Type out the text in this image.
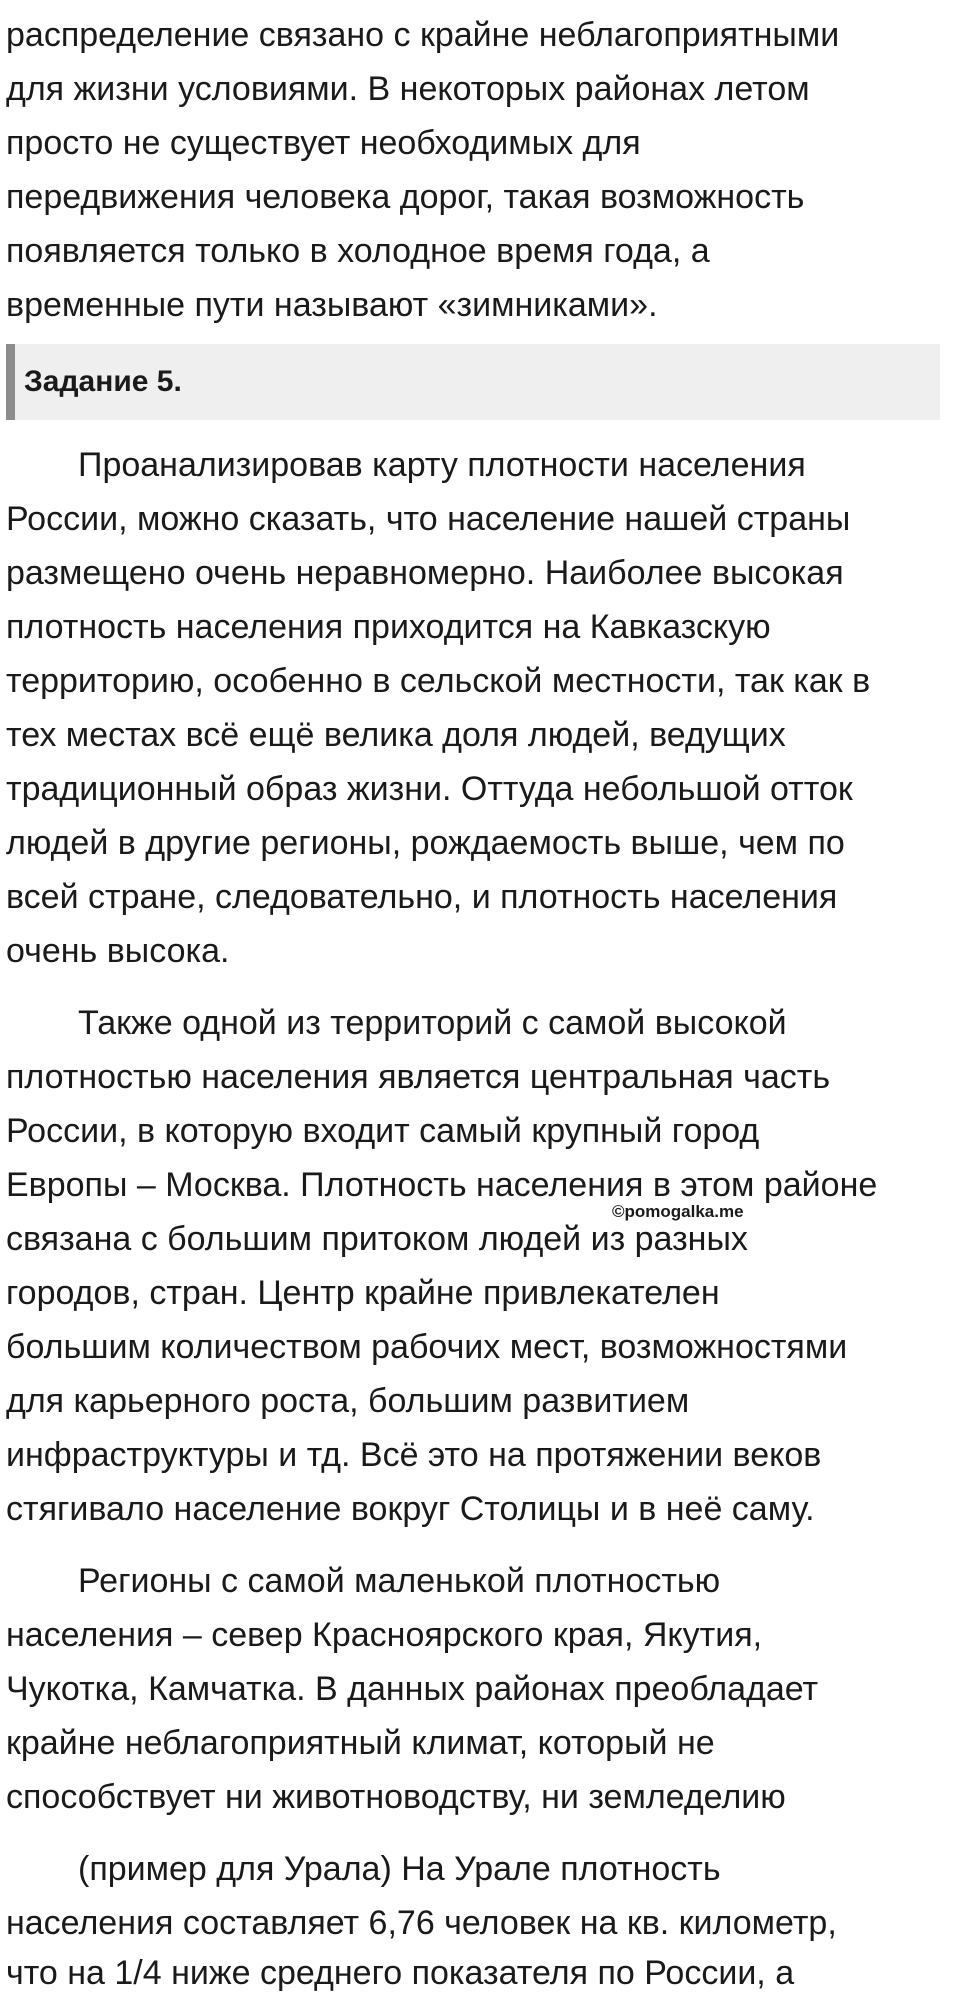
распределение связано с крайне неблагоприятными
для жизни условиями. В некоторых районах летом
просто не существует необходимых для
передвижения человека дорог, такая возможность
появляется только в холодное время года, а
временные пути называют «зимниками».
Задание 5.
Проанализировав карту плотности населения
России, можно сказать, что население нашей страны
размещено очень неравномерно. Наиболее высокая
плотность населения приходится на Кавказскую
территорию, особенно в сельской местности, так как в
тех местах всё ещё велика доля людей, ведущих
традиционный образ жизни. Оттуда небольшой отток
людей в другие регионы, рождаемость выше, чем по
всей стране, следовательно, и плотность населения
очень высока.
Также одной из территорий с самой высокой
плотностью населения является центральная часть
России, в которую входит самый крупный город
Европы – Москва. Плотность населения в этом районе
связана с большим притоком людей из разных
городов, стран. Центр крайне привлекателен
большим количеством рабочих мест, возможностями
для карьерного роста, большим развитием
инфраструктуры и тд. Всё это на протяжении веков
стягивало население вокруг Столицы и в неё саму.
©pomogalka.me
Регионы с самой маленькой плотностью
населения – север Красноярского края, Якутия,
Чукотка, Камчатка. В данных районах преобладает
крайне неблагоприятный климат, который не
способствует ни животноводству, ни земледелию
(пример для Урала) На Урале плотность
населения составляет 6,76 человек на кв. километр,
что на 1/4 ниже среднего показателя по России, а
